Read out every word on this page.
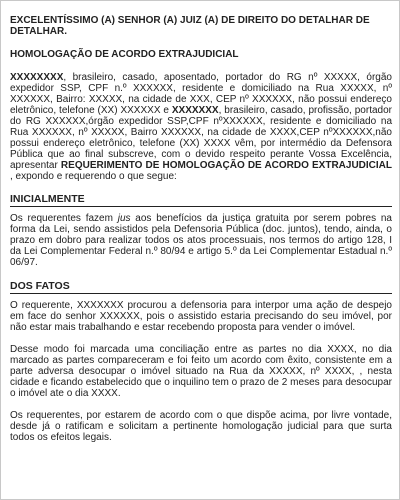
EXCELENTÍSSIMO (A) SENHOR (A) JUIZ (A) DE DIREITO DO DETALHAR DE DETALHAR.
HOMOLOGAÇÃO DE ACORDO EXTRAJUDICIAL

XXXXXXXX, brasileiro, casado, aposentado, portador do RG nº XXXXX, órgão expedidor SSP, CPF n.º XXXXXX, residente e domiciliado na Rua XXXXX, nº XXXXXX, Bairro: XXXXX, na cidade de XXX, CEP nº XXXXXX, não possui endereço eletrônico, telefone (XX) XXXXXX e XXXXXXX, brasileiro, casado, profissão, portador do RG XXXXXX,órgão expedidor SSP,CPF nºXXXXXX, residente e domiciliado na Rua XXXXXX, nº XXXXX, Bairro XXXXXX, na cidade de XXXX,CEP nºXXXXXX,não possui endereço eletrônico, telefone (XX) XXXX vêm, por intermédio da Defensora Pública que ao final subscreve, com o devido respeito perante Vossa Excelência, apresentar REQUERIMENTO DE HOMOLOGAÇÃO DE ACORDO EXTRAJUDICIAL , expondo e requerendo o que segue:

INICIALMENTE

Os requerentes fazem jus aos benefícios da justiça gratuita por serem pobres na forma da Lei, sendo assistidos pela Defensoria Pública (doc. juntos), tendo, ainda, o prazo em dobro para realizar todos os atos processuais, nos termos do artigo 128, I da Lei Complementar Federal n.º 80/94 e artigo 5.º da Lei Complementar Estadual n.º 06/97.

DOS FATOS

O requerente, XXXXXXX procurou a defensoria para interpor uma ação de despejo em face do senhor XXXXXX, pois o assistido estaria precisando do seu imóvel, por não estar mais trabalhando e estar recebendo proposta para vender o imóvel.

Desse modo foi marcada uma conciliação entre as partes no dia XXXX, no dia marcado as partes compareceram e foi feito um acordo com êxito, consistente em a parte adversa desocupar o imóvel situado na Rua da XXXXX, nº XXXX, , nesta cidade e ficando estabelecido que o inquilino tem o prazo de 2 meses para desocupar o imóvel ate o dia XXXX.

Os requerentes, por estarem de acordo com o que dispõe acima, por livre vontade, desde já o ratificam e solicitam a pertinente homologação judicial para que surta todos os efeitos legais.
